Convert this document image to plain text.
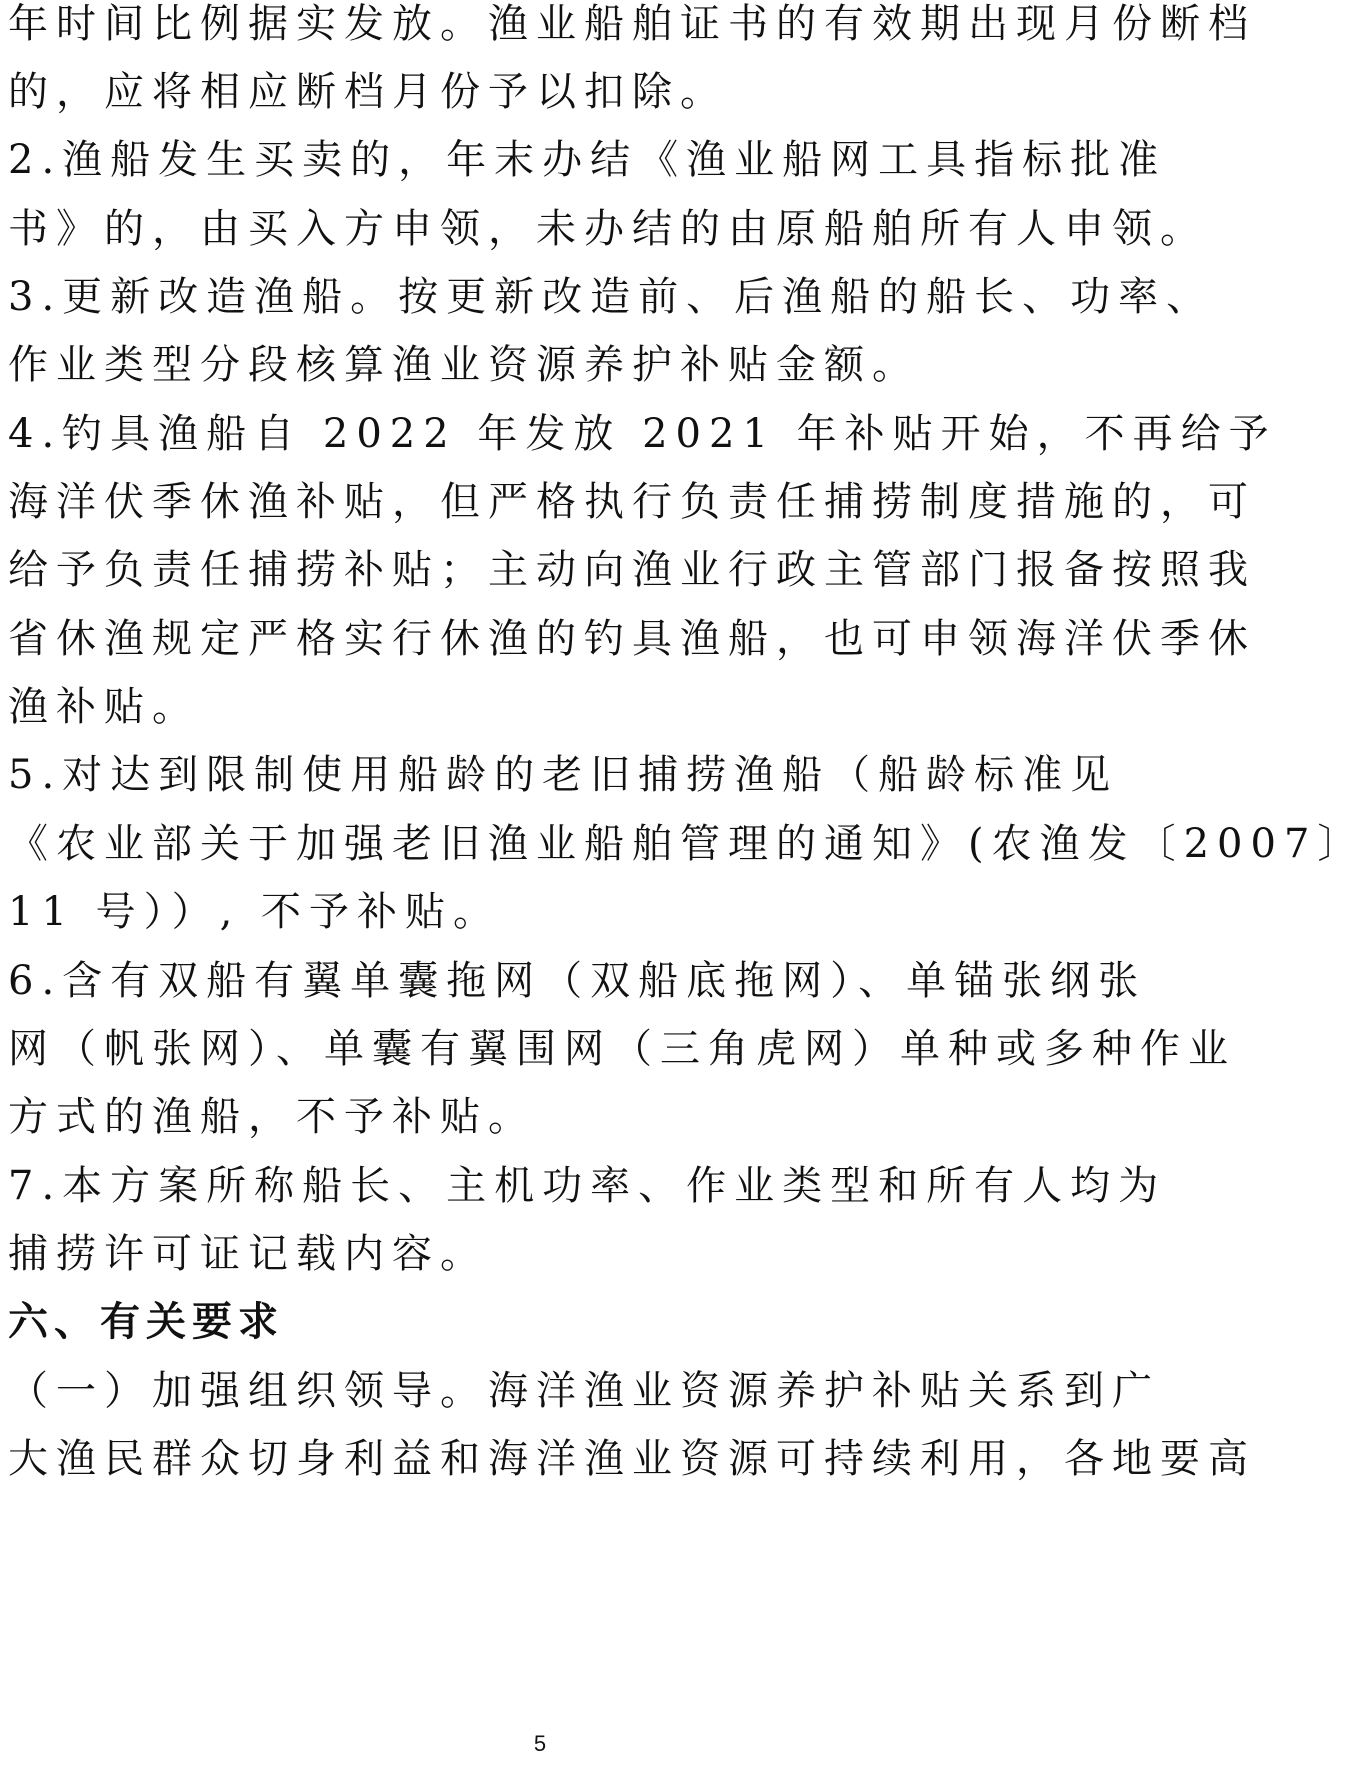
年时间比例据实发放。渔业船舶证书的有效期出现月份断档
的，应将相应断档月份予以扣除。
2.渔船发生买卖的，年末办结《渔业船网工具指标批准
书》的，由买入方申领，未办结的由原船舶所有人申领。
3.更新改造渔船。按更新改造前、后渔船的船长、功率、
作业类型分段核算渔业资源养护补贴金额。
4.钓具渔船自 2022 年发放 2021 年补贴开始，不再给予
海洋伏季休渔补贴，但严格执行负责任捕捞制度措施的，可
给予负责任捕捞补贴；主动向渔业行政主管部门报备按照我
省休渔规定严格实行休渔的钓具渔船，也可申领海洋伏季休
渔补贴。
5.对达到限制使用船龄的老旧捕捞渔船（船龄标准见
《农业部关于加强老旧渔业船舶管理的通知》(农渔发〔2007〕
11 号））, 不予补贴。
6.含有双船有翼单囊拖网（双船底拖网）、单锚张纲张
网（帆张网）、单囊有翼围网（三角虎网）单种或多种作业
方式的渔船，不予补贴。
7.本方案所称船长、主机功率、作业类型和所有人均为
捕捞许可证记载内容。
六、有关要求
（一）加强组织领导。海洋渔业资源养护补贴关系到广
大渔民群众切身利益和海洋渔业资源可持续利用，各地要高
5
